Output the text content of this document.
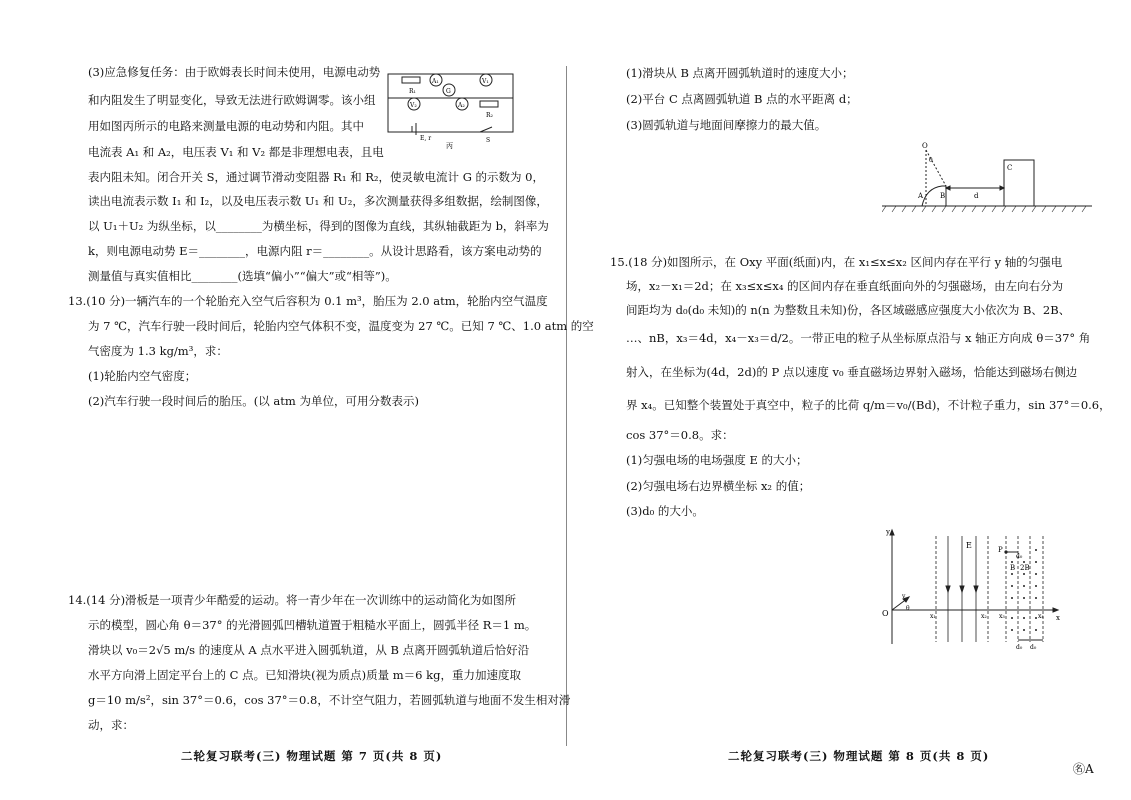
(3)应急修复任务：由于欧姆表长时间未使用，电源电动势
和内阻发生了明显变化，导致无法进行欧姆调零。该小组
用如图丙所示的电路来测量电源的电动势和内阻。其中
电流表 A₁ 和 A₂，电压表 V₁ 和 V₂ 都是非理想电表，且电
表内阻未知。闭合开关 S，通过调节滑动变阻器 R₁ 和 R₂，使灵敏电流计 G 的示数为 0，
读出电流表示数 I₁ 和 I₂，以及电压表示数 U₁ 和 U₂，多次测量获得多组数据，绘制图像，
以 U₁＋U₂ 为纵坐标，以________为横坐标，得到的图像为直线，其纵轴截距为 b，斜率为
k，则电源电动势 E＝________，电源内阻 r＝________。从设计思路看，该方案电动势的
测量值与真实值相比________(选填“偏小”“偏大”或“相等”)。
R₁
A₁	V₁
G
V₂	A₂
R₂
E, r	S
丙
13.(10 分)一辆汽车的一个轮胎充入空气后容积为 0.1 m³，胎压为 2.0 atm，轮胎内空气温度
为 7 ℃，汽车行驶一段时间后，轮胎内空气体积不变，温度变为 27 ℃。已知 7 ℃、1.0 atm 的空
气密度为 1.3 kg/m³，求：
(1)轮胎内空气密度；
(2)汽车行驶一段时间后的胎压。(以 atm 为单位，可用分数表示)
14.(14 分)滑板是一项青少年酷爱的运动。将一青少年在一次训练中的运动简化为如图所
示的模型，圆心角 θ＝37° 的光滑圆弧凹槽轨道置于粗糙水平面上，圆弧半径 R＝1 m。
滑块以 v₀＝2√5 m/s 的速度从 A 点水平进入圆弧轨道，从 B 点离开圆弧轨道后恰好沿
水平方向滑上固定平台上的 C 点。已知滑块(视为质点)质量 m＝6 kg，重力加速度取
g＝10 m/s²，sin 37°＝0.6，cos 37°＝0.8，不计空气阻力，若圆弧轨道与地面不发生相对滑
动，求：
二轮复习联考(三) 物理试题 第 7 页(共 8 页)
(1)滑块从 B 点离开圆弧轨道时的速度大小；
(2)平台 C 点离圆弧轨道 B 点的水平距离 d；
(3)圆弧轨道与地面间摩擦力的最大值。
O
θ
A B
C
d
15.(18 分)如图所示，在 Oxy 平面(纸面)内，在 x₁≤x≤x₂ 区间内存在平行 y 轴的匀强电
场，x₂－x₁＝2d；在 x₃≤x≤x₄ 的区间内存在垂直纸面向外的匀强磁场，由左向右分为
间距均为 d₀(d₀ 未知)的 n(n 为整数且未知)份，各区域磁感应强度大小依次为 B、2B、
…、nB，x₃＝4d，x₄－x₃＝d/2。一带正电的粒子从坐标原点沿与 x 轴正方向成 θ＝37° 角
射入，在坐标为(4d，2d)的 P 点以速度 v₀ 垂直磁场边界射入磁场，恰能达到磁场右侧边
界 x₄。已知整个装置处于真空中，粒子的比荷 q/m＝v₀/(Bd)，不计粒子重力，sin 37°＝0.6，
cos 37°＝0.8。求：
(1)匀强电场的电场强度 E 的大小；
(2)匀强电场右边界横坐标 x₂ 的值；
(3)d₀ 的大小。
y
x
O
E	P
v
θ
B 2B
x₁	x₂ x₃	x₄
d₀
d₀ d₀
二轮复习联考(三) 物理试题 第 8 页(共 8 页)
㊔A
